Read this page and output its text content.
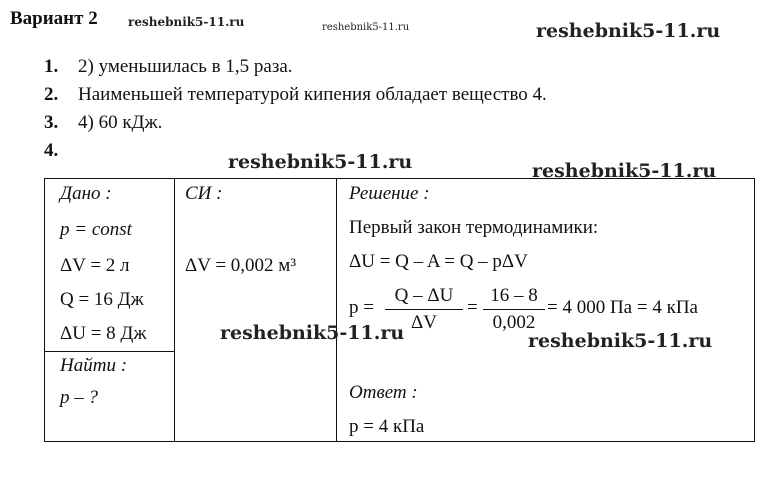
Вариант 2	reshebnik5-11.ru	reshebnik5-11.ru	reshebnik5-11.ru
1.	2) уменьшилась в 1,5 раза.
2.	Наименьшей температурой кипения обладает вещество 4.
3.	4) 60 кДж.
4.
reshebnik5-11.ru	reshebnik5-11.ru
Дано :
p = const
ΔV = 2 л
Q = 16 Дж
ΔU = 8 Дж
Найти :
p – ?
СИ :
ΔV = 0,002 м³
Решение :
Первый закон термодинамики:
ΔU = Q – A = Q – pΔV
p =
Q – ΔU
ΔV
=
16 – 8
0,002
= 4 000 Па = 4 кПа
Ответ :
p = 4 кПа
reshebnik5-11.ru	reshebnik5-11.ru
